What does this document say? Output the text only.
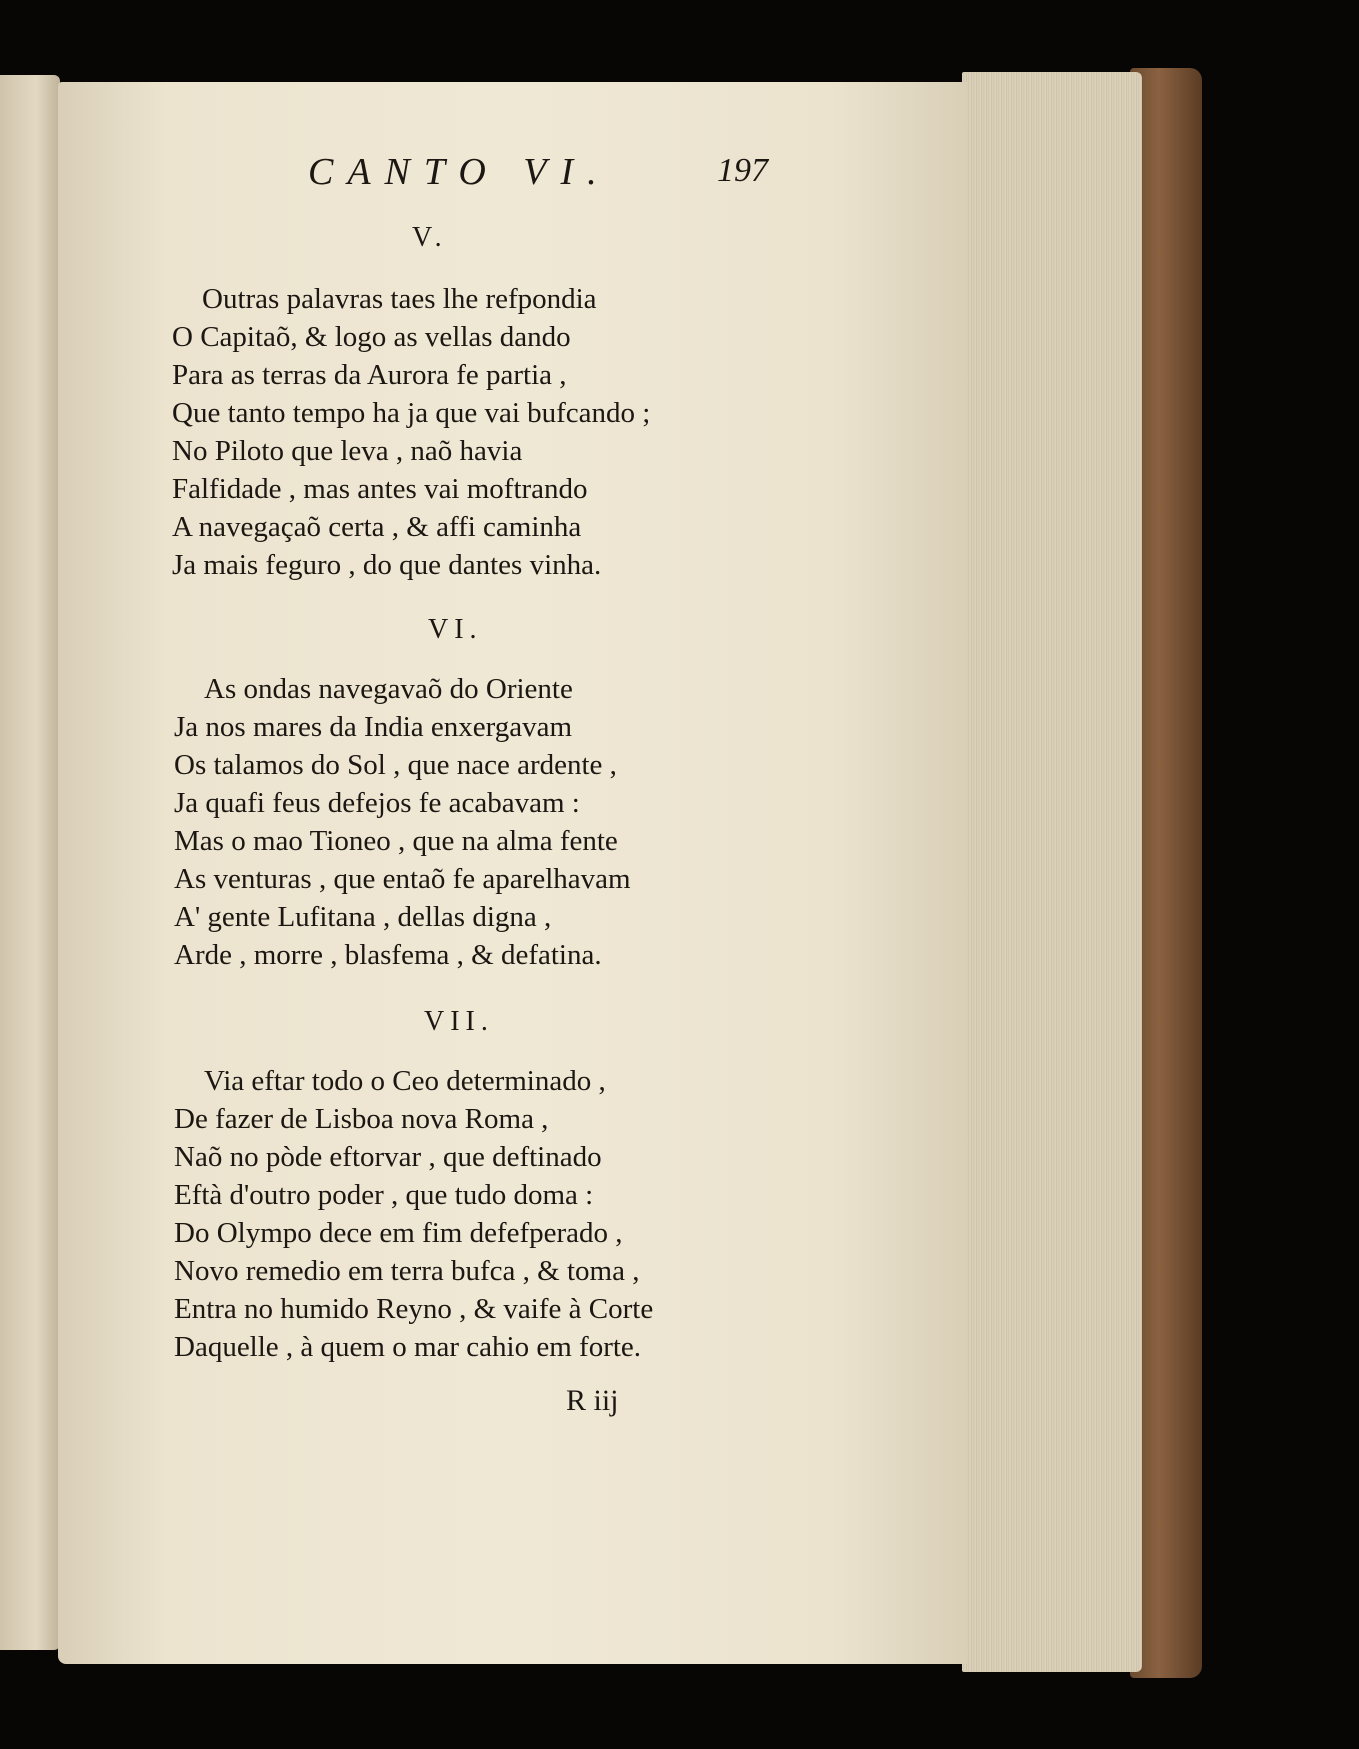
CANTO VI.	197
V.
Outras palavras taes lhe refpondia
O Capitaõ, & logo as vellas dando
Para as terras da Aurora fe partia ,
Que tanto tempo ha ja que vai bufcando ;
No Piloto que leva , naõ havia
Falfidade , mas antes vai moftrando
A navegaçaõ certa , & affi caminha
Ja mais feguro , do que dantes vinha.
VI.
As ondas navegavaõ do Oriente
Ja nos mares da India enxergavam
Os talamos do Sol , que nace ardente ,
Ja quafi feus defejos fe acabavam :
Mas o mao Tioneo , que na alma fente
As venturas , que entaõ fe aparelhavam
A' gente Lufitana , dellas digna ,
Arde , morre , blasfema , & defatina.
VII.
Via eftar todo o Ceo determinado ,
De fazer de Lisboa nova Roma ,
Naõ no pòde eftorvar , que deftinado
Eftà d'outro poder , que tudo doma :
Do Olympo dece em fim defefperado ,
Novo remedio em terra bufca , & toma ,
Entra no humido Reyno , & vaife à Corte
Daquelle , à quem o mar cahio em forte.
R iij
